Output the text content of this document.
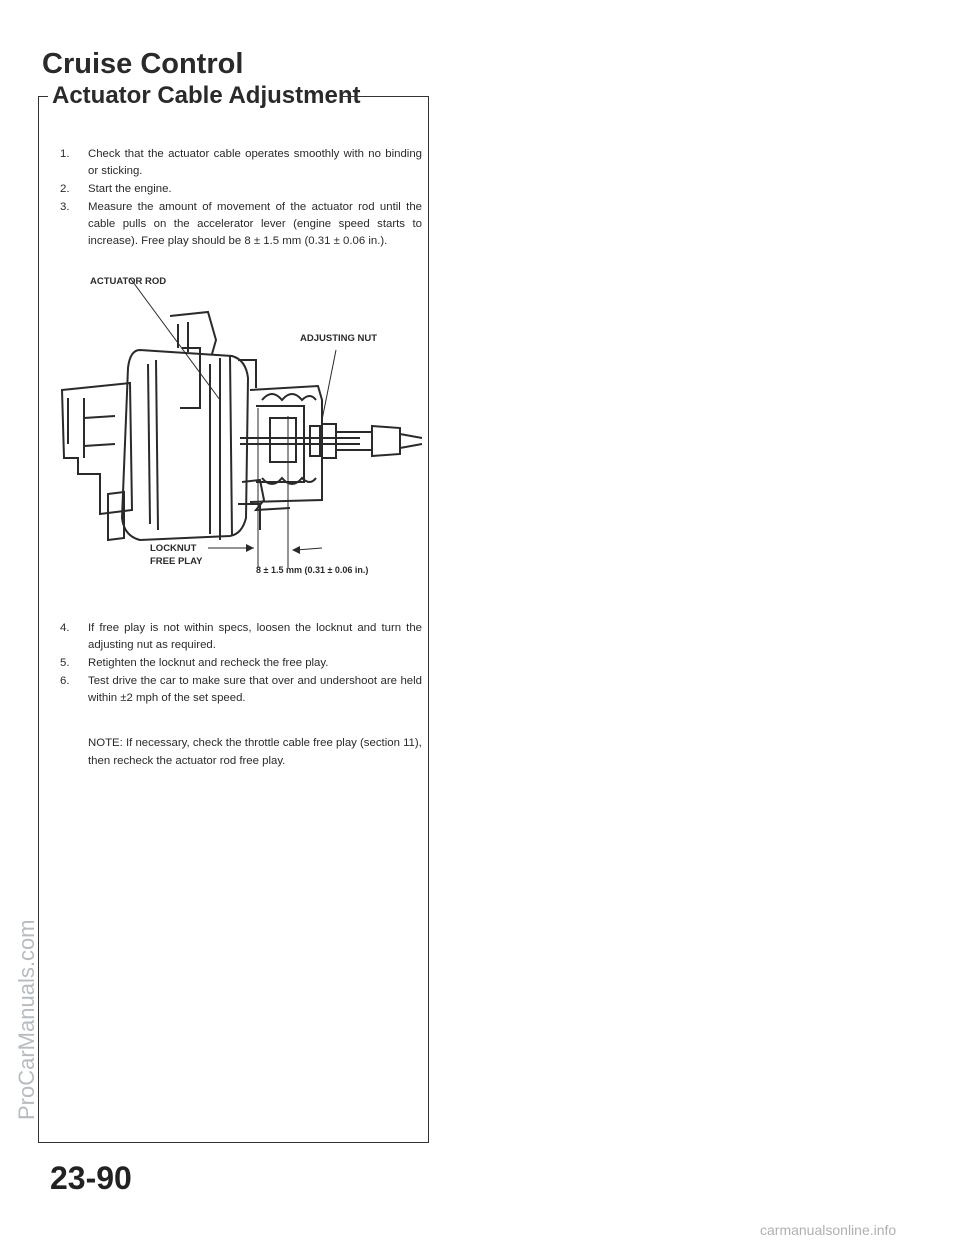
Cruise Control
Actuator Cable Adjustment
1.	Check that the actuator cable operates smoothly with no binding or sticking.
2.	Start the engine.
3.	Measure the amount of movement of the actuator rod until the cable pulls on the accelerator lever (engine speed starts to increase). Free play should be 8 ± 1.5 mm (0.31 ± 0.06 in.).
ACTUATOR ROD
ADJUSTING NUT
LOCKNUT
FREE PLAY
8 ± 1.5 mm (0.31 ± 0.06 in.)
4.	If free play is not within specs, loosen the locknut and turn the adjusting nut as required.
5.	Retighten the locknut and recheck the free play.
6.	Test drive the car to make sure that over and undershoot are held within ±2 mph of the set speed.

NOTE: If necessary, check the throttle cable free play (section 11), then recheck the actuator rod free play.

23-90
ProCarManuals.com
carmanualsonline.info
